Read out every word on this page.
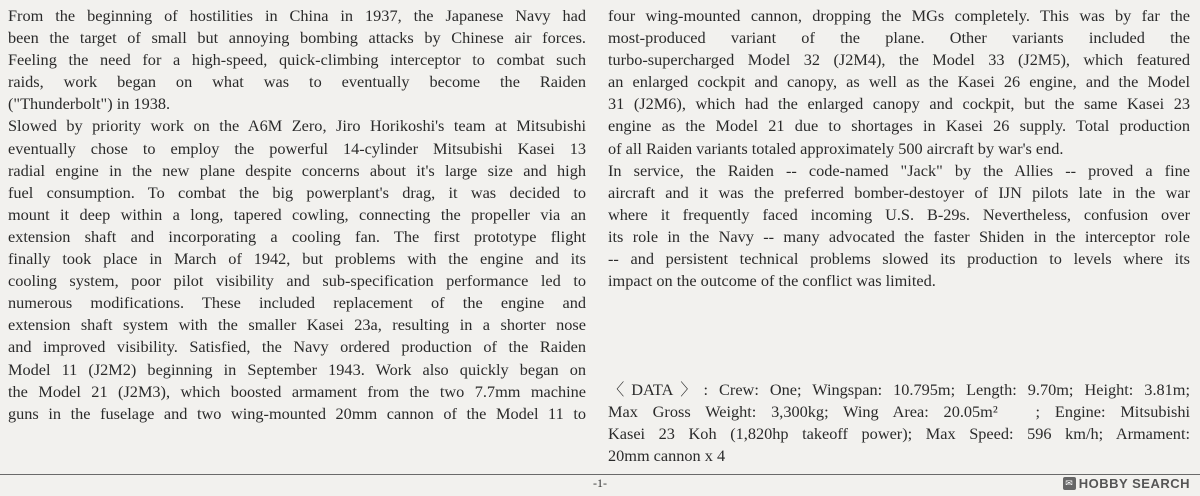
From the beginning of hostilities in China in 1937, the Japanese Navy had
been the target of small but annoying bombing attacks by Chinese air forces.
Feeling the need for a high-speed, quick-climbing interceptor to combat such
raids, work began on what was to eventually become the Raiden
("Thunderbolt") in 1938.
Slowed by priority work on the A6M Zero, Jiro Horikoshi's team at Mitsubishi
eventually chose to employ the powerful 14-cylinder Mitsubishi Kasei 13
radial engine in the new plane despite concerns about it's large size and high
fuel consumption. To combat the big powerplant's drag, it was decided to
mount it deep within a long, tapered cowling, connecting the propeller via an
extension shaft and incorporating a cooling fan. The first prototype flight
finally took place in March of 1942, but problems with the engine and its
cooling system, poor pilot visibility and sub-specification performance led to
numerous modifications. These included replacement of the engine and
extension shaft system with the smaller Kasei 23a, resulting in a shorter nose
and improved visibility. Satisfied, the Navy ordered production of the Raiden
Model 11 (J2M2) beginning in September 1943. Work also quickly began on
the Model 21 (J2M3), which boosted armament from the two 7.7mm machine
guns in the fuselage and two wing-mounted 20mm cannon of the Model 11 to
four wing-mounted cannon, dropping the MGs completely. This was by far the
most-produced variant of the plane. Other variants included the
turbo-supercharged Model 32 (J2M4), the Model 33 (J2M5), which featured
an enlarged cockpit and canopy, as well as the Kasei 26 engine, and the Model
31 (J2M6), which had the enlarged canopy and cockpit, but the same Kasei 23
engine as the Model 21 due to shortages in Kasei 26 supply. Total production
of all Raiden variants totaled approximately 500 aircraft by war's end.
In service, the Raiden -- code-named "Jack" by the Allies -- proved a fine
aircraft and it was the preferred bomber-destoyer of IJN pilots late in the war
where it frequently faced incoming U.S. B-29s. Nevertheless, confusion over
its role in the Navy -- many advocated the faster Shiden in the interceptor role
-- and persistent technical problems slowed its production to levels where its
impact on the outcome of the conflict was limited.
〈DATA〉: Crew: One; Wingspan: 10.795m; Length: 9.70m; Height: 3.81m;
Max Gross Weight: 3,300kg; Wing Area: 20.05m²　; Engine: Mitsubishi
Kasei 23 Koh (1,820hp takeoff power); Max Speed: 596 km/h; Armament:
20mm cannon x 4
-1-	✉ HOBBY SEARCH
